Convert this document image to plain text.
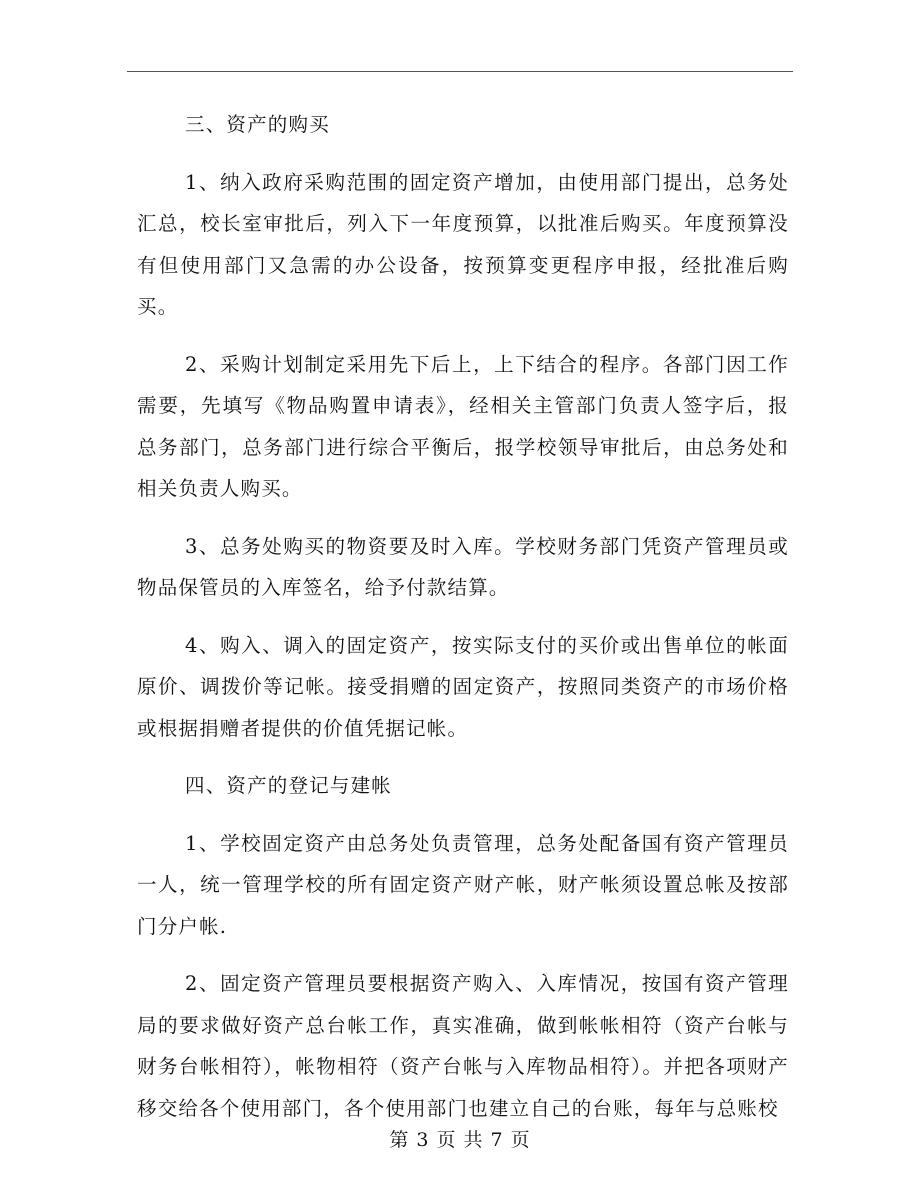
三、资产的购买

1、纳入政府采购范围的固定资产增加，由使用部门提出，总务处汇总，校长室审批后，列入下一年度预算，以批准后购买。年度预算没有但使用部门又急需的办公设备，按预算变更程序申报，经批准后购买。

2、采购计划制定采用先下后上，上下结合的程序。各部门因工作需要，先填写《物品购置申请表》，经相关主管部门负责人签字后，报总务部门，总务部门进行综合平衡后，报学校领导审批后，由总务处和相关负责人购买。

3、总务处购买的物资要及时入库。学校财务部门凭资产管理员或物品保管员的入库签名，给予付款结算。

4、购入、调入的固定资产，按实际支付的买价或出售单位的帐面原价、调拨价等记帐。接受捐赠的固定资产，按照同类资产的市场价格或根据捐赠者提供的价值凭据记帐。

四、资产的登记与建帐

1、学校固定资产由总务处负责管理，总务处配备国有资产管理员一人，统一管理学校的所有固定资产财产帐，财产帐须设置总帐及按部门分户帐.

2、固定资产管理员要根据资产购入、入库情况，按国有资产管理局的要求做好资产总台帐工作，真实准确，做到帐帐相符（资产台帐与财务台帐相符），帐物相符（资产台帐与入库物品相符）。并把各项财产移交给各个使用部门，各个使用部门也建立自己的台账，每年与总账校

第 3 页 共 7 页
